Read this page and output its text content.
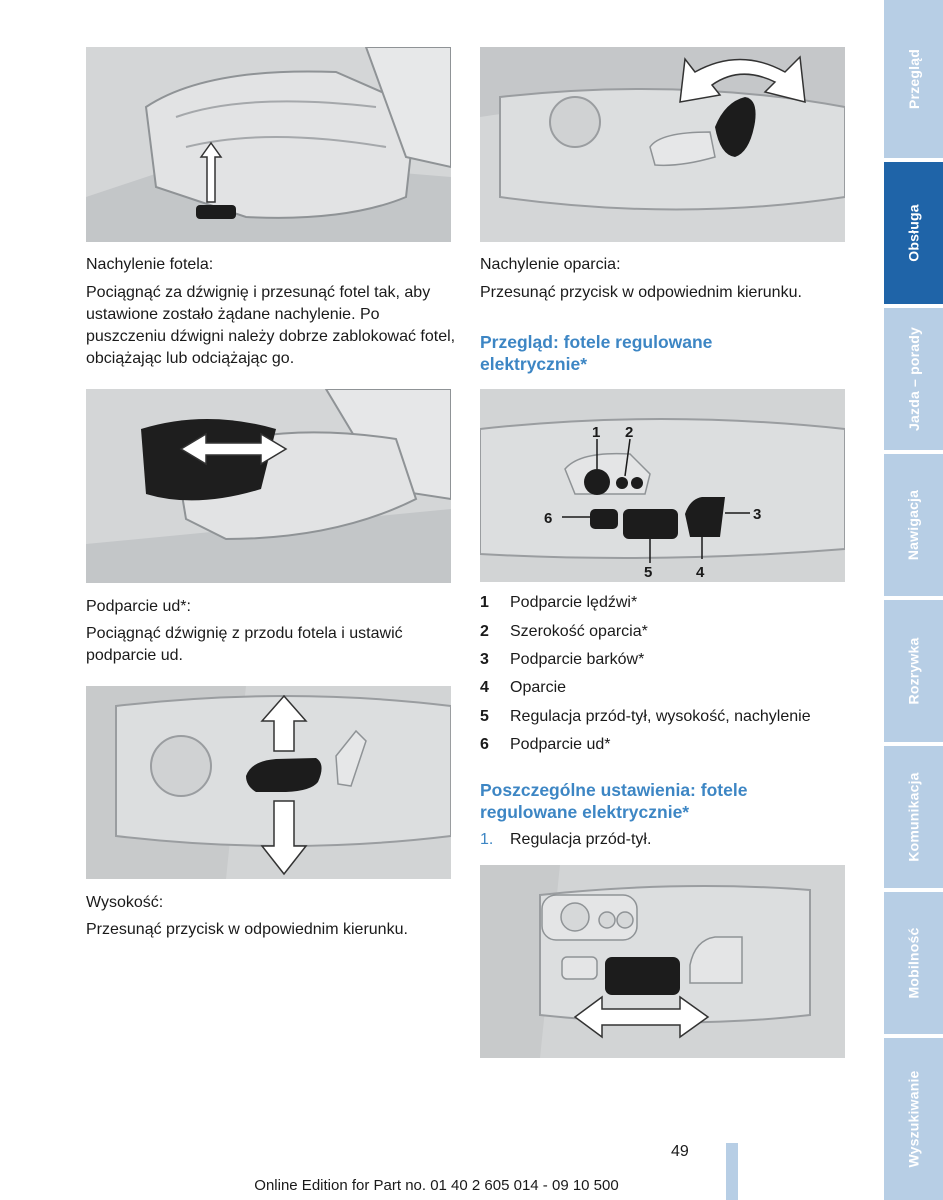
Nachylenie fotela:

Pociągnąć za dźwignię i przesunąć fotel tak, aby ustawione zostało żądane nachylenie. Po puszczeniu dźwigni należy dobrze zablokować fotel, obciążając lub odciążając go.

Podparcie ud*:

Pociągnąć dźwignię z przodu fotela i ustawić podparcie ud.

Wysokość:

Przesunąć przycisk w odpowiednim kierunku.

Nachylenie oparcia:

Przesunąć przycisk w odpowiednim kierunku.

Przegląd: fotele regulowane elektrycznie*
1 2
3
4
5
6
1	Podparcie lędźwi*
2	Szerokość oparcia*
3	Podparcie barków*
4	Oparcie
5	Regulacja przód-tył, wysokość, nachylenie
6	Podparcie ud*
Poszczególne ustawienia: fotele regulowane elektrycznie*
1.	Regulacja przód-tył.
Przegląd
Obsługa
Jazda – porady
Nawigacja
Rozrywka
Komunikacja
Mobilność
Wyszukiwanie
49
Online Edition for Part no. 01 40 2 605 014 - 09 10 500
